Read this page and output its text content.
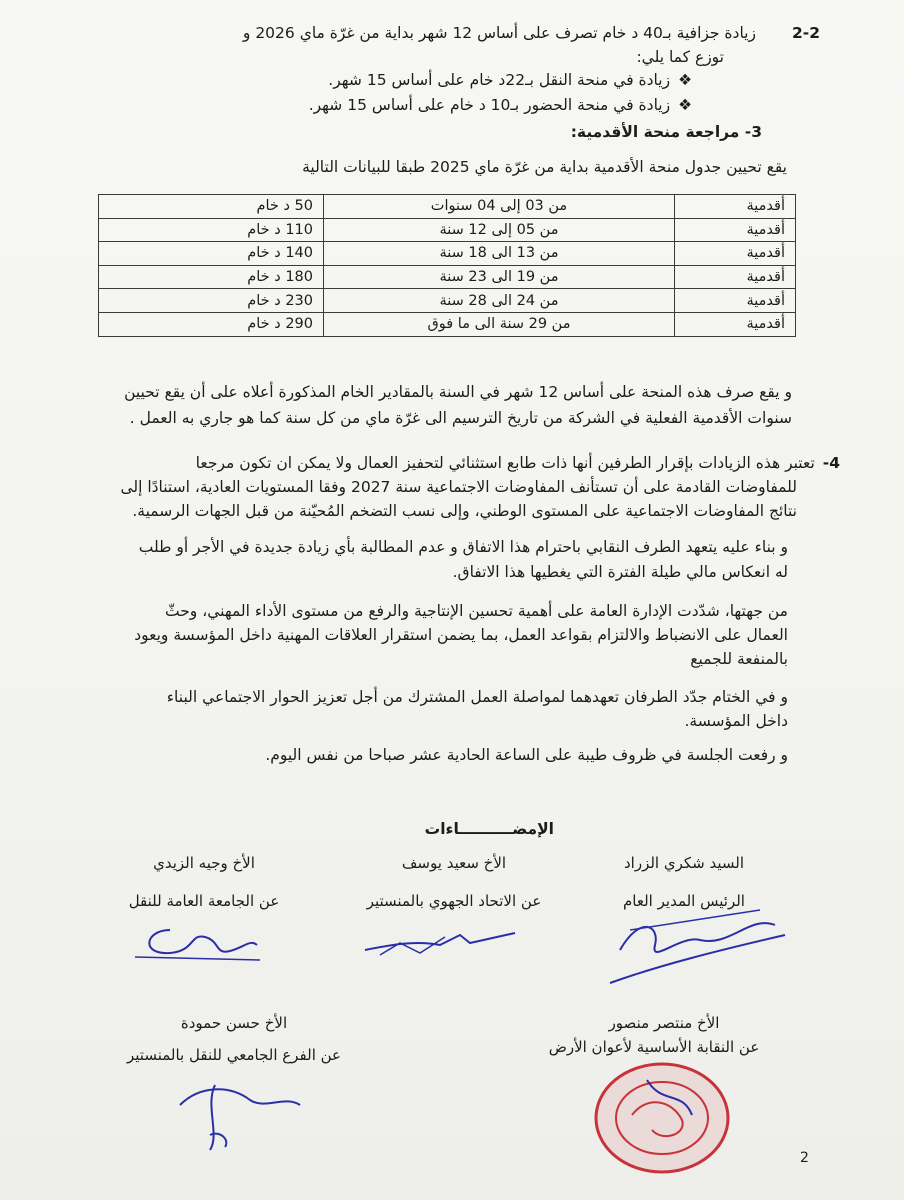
2-2
زيادة جزافية بـ40 د خام تصرف على أساس 12 شهر بداية من غرّة ماي 2026 و
توزع كما يلي:
❖
زيادة في منحة النقل بـ22د خام على أساس 15 شهر.
❖
زيادة في منحة الحضور بـ10 د خام على أساس 15 شهر.
3- مراجعة منحة الأقدمية:
يقع تحيين جدول منحة الأقدمية بداية من غرّة ماي 2025 طبقا للبيانات التالية
أقدمية	من 03 إلى 04 سنوات	50 د خام
أقدمية	من 05 إلى 12 سنة	110 د خام
أقدمية	من 13 الى 18 سنة	140 د خام
أقدمية	من 19 الى 23 سنة	180 د خام
أقدمية	من 24 الى 28 سنة	230 د خام
أقدمية	من 29 سنة الى ما فوق	290 د خام
و يقع صرف هذه المنحة على أساس 12 شهر في السنة بالمقادير الخام المذكورة أعلاه على أن يقع تحيين
سنوات الأقدمية الفعلية في الشركة من تاريخ الترسيم الى غرّة ماي من كل سنة كما هو جاري به العمل .
4-
تعتبر هذه الزيادات بإقرار الطرفين أنها ذات طابع استثنائي لتحفيز العمال ولا يمكن ان تكون مرجعا
للمفاوضات القادمة على أن تستأنف المفاوضات الاجتماعية سنة 2027 وفقا المستويات العادية، استنادًا إلى
نتائج المفاوضات الاجتماعية على المستوى الوطني، وإلى نسب التضخم المُحيّنة من قبل الجهات الرسمية.
و بناء عليه يتعهد الطرف النقابي باحترام هذا الاتفاق و عدم المطالبة بأي زيادة جديدة في الأجر أو طلب
له انعكاس مالي طيلة الفترة التي يغطيها هذا الاتفاق.
من جهتها، شدّدت الإدارة العامة على أهمية تحسين الإنتاجية والرفع من مستوى الأداء المهني، وحثّ
العمال على الانضباط والالتزام بقواعد العمل، بما يضمن استقرار العلاقات المهنية داخل المؤسسة ويعود
بالمنفعة للجميع
و في الختام جدّد الطرفان تعهدهما لمواصلة العمل المشترك من أجل تعزيز الحوار الاجتماعي البناء
داخل المؤسسة.
و رفعت الجلسة في ظروف طيبة على الساعة الحادية عشر صباحا من نفس اليوم.
الإمضــــــــــاءات
السيد شكري الزراد
الرئيس المدير العام
الأخ سعيد يوسف
عن الاتحاد الجهوي بالمنستير
الأخ وجيه الزيدي
عن الجامعة العامة للنقل
الأخ منتصر منصور
عن النقابة الأساسية لأعوان الأرض
الأخ حسن حمودة
عن الفرع الجامعي للنقل بالمنستير
2
